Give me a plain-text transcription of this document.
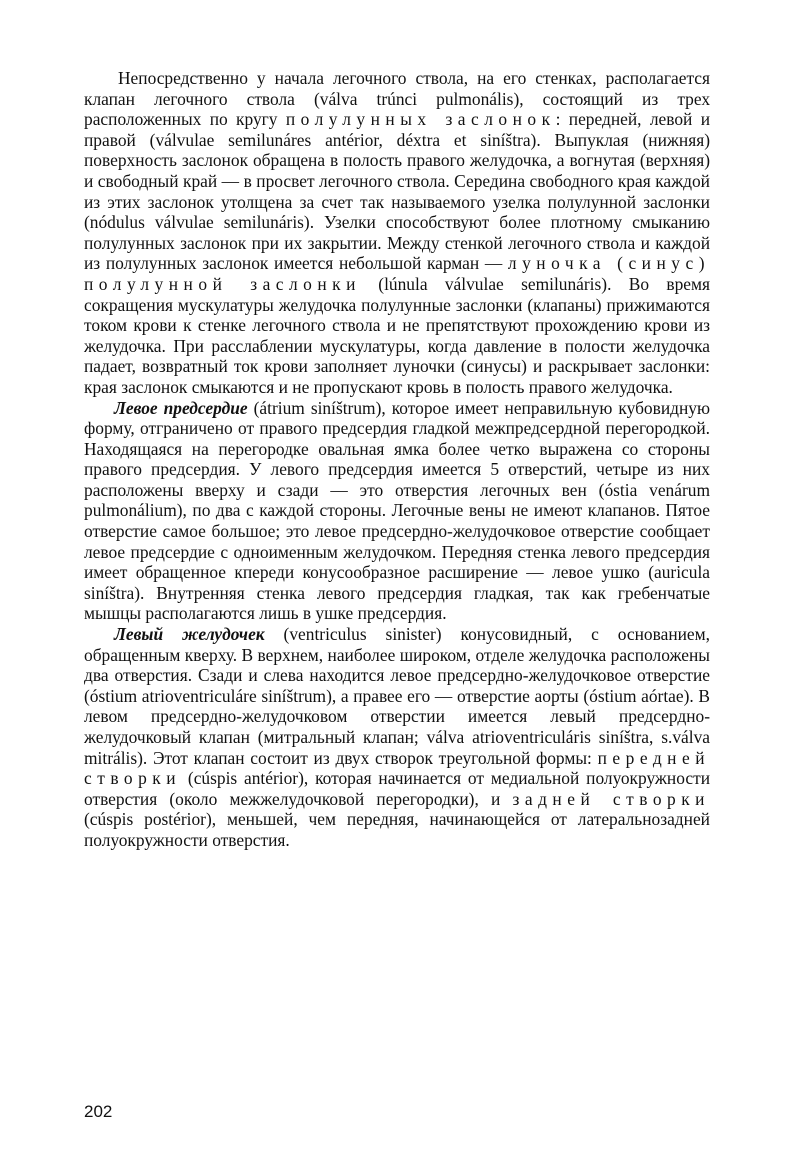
Непосредственно у начала легочного ствола, на его стенках, располагается клапан легочного ствола (válva trúnci pulmonális), состоящий из трех расположенных по кругу полулунных заслонок: передней, левой и правой (válvulae semilunáres antérior, déxtra et siníštra). Выпуклая (нижняя) поверхность заслонок обращена в полость правого желудочка, а вогнутая (верхняя) и свободный край — в просвет легочного ствола. Середина свободного края каждой из этих заслонок утолщена за счет так называемого узелка полулунной заслонки (nódulus válvulae semilunáris). Узелки способствуют более плотному смыканию полулунных заслонок при их закрытии. Между стенкой легочного ствола и каждой из полулунных заслонок имеется небольшой карман — луночка (синус) полулунной заслонки (lúnula válvulae semilunáris). Во время сокращения мускулатуры желудочка полулунные заслонки (клапаны) прижимаются током крови к стенке легочного ствола и не препятствуют прохождению крови из желудочка. При расслаблении мускулатуры, когда давление в полости желудочка падает, возвратный ток крови заполняет луночки (синусы) и раскрывает заслонки: края заслонок смыкаются и не пропускают кровь в полость правого желудочка.

Левое предсердие (átrium siníštrum), которое имеет неправильную кубовидную форму, отграничено от правого предсердия гладкой межпредсердной перегородкой. Находящаяся на перегородке овальная ямка более четко выражена со стороны правого предсердия. У левого предсердия имеется 5 отверстий, четыре из них расположены вверху и сзади — это отверстия легочных вен (óstia venárum pulmonálium), по два с каждой стороны. Легочные вены не имеют клапанов. Пятое отверстие самое большое; это левое предсердно-желудочковое отверстие сообщает левое предсердие с одноименным желудочком. Передняя стенка левого предсердия имеет обращенное кпереди конусообразное расширение — левое ушко (auricula siníštra). Внутренняя стенка левого предсердия гладкая, так как гребенчатые мышцы располагаются лишь в ушке предсердия.

Левый желудочек (ventriculus sinister) конусовидный, с основанием, обращенным кверху. В верхнем, наиболее широком, отделе желудочка расположены два отверстия. Сзади и слева находится левое предсердно-желудочковое отверстие (óstium atrioventriculáre siníštrum), а правее его — отверстие аорты (óstium aórtae). В левом предсердно-желудочковом отверстии имеется левый предсердно-желудочковый клапан (митральный клапан; válva atrioventriculáris siníštra, s.válva mitrális). Этот клапан состоит из двух створок треугольной формы: передней створки (cúspis antérior), которая начинается от медиальной полуокружности отверстия (около межжелудочковой перегородки), и задней створки (cúspis postérior), меньшей, чем передняя, начинающейся от латеральнозадней полуокружности отверстия.

202
